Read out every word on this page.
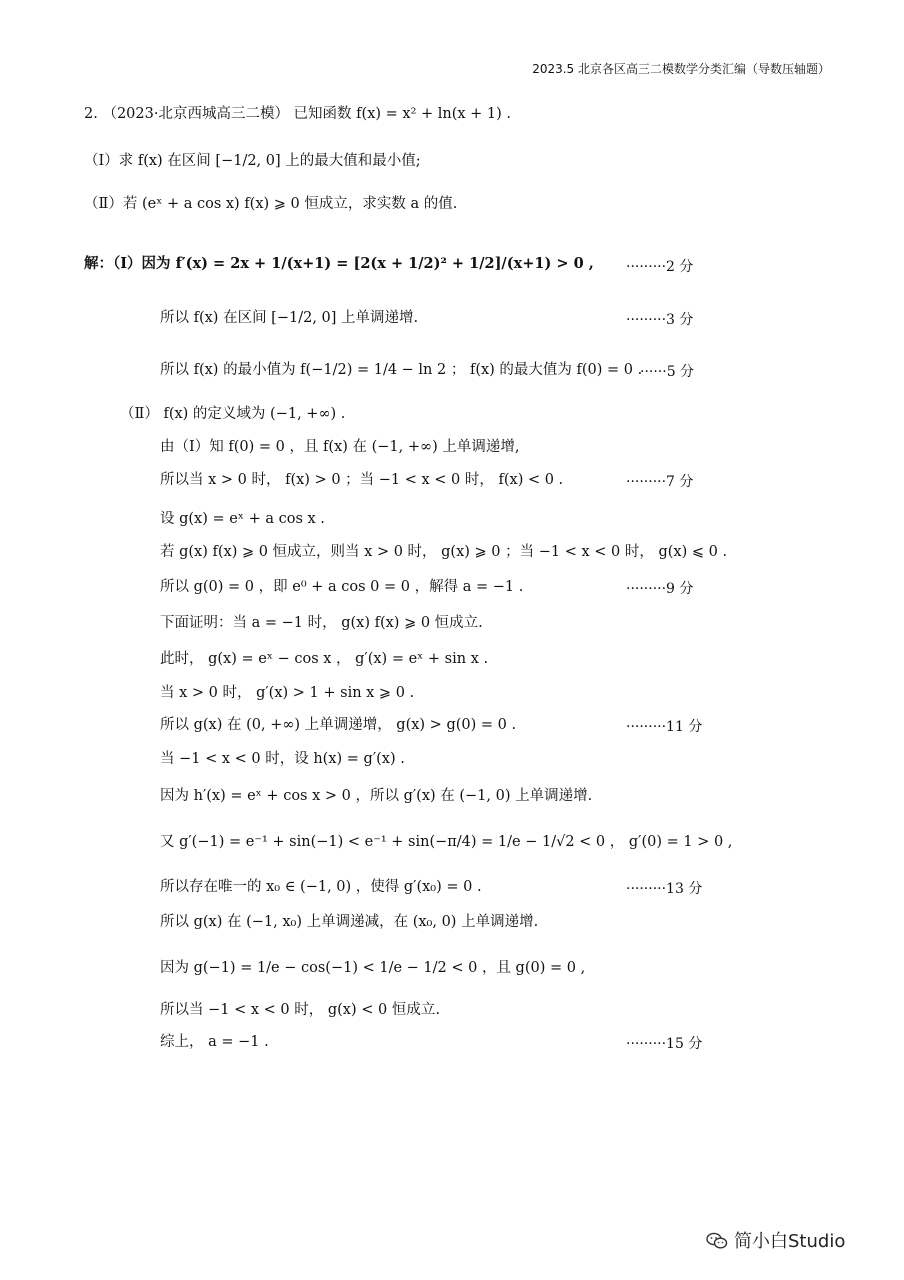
2023.5 北京各区高三二模数学分类汇编（导数压轴题）
2. （2023·北京西城高三二模） 已知函数 f(x) = x² + ln(x + 1) .
（Ⅰ）求 f(x) 在区间 [−1/2, 0] 上的最大值和最小值;
（Ⅱ）若 (eˣ + a cos x) f(x) ⩾ 0 恒成立，求实数 a 的值.
解：（Ⅰ）因为 f′(x) = 2x + 1/(x+1) = [2(x + 1/2)² + 1/2]/(x+1) > 0 , ·········2 分
所以 f(x) 在区间 [−1/2, 0] 上单调递增.	·········3 分
所以 f(x) 的最小值为 f(−1/2) = 1/4 − ln 2 ； f(x) 的最大值为 f(0) = 0 .
······5 分
（Ⅱ） f(x) 的定义域为 (−1, +∞) .
由（Ⅰ）知 f(0) = 0 ，且 f(x) 在 (−1, +∞) 上单调递增,
所以当 x > 0 时， f(x) > 0 ；当 −1 < x < 0 时， f(x) < 0 .	·········7 分
设 g(x) = eˣ + a cos x .
若 g(x) f(x) ⩾ 0 恒成立，则当 x > 0 时， g(x) ⩾ 0 ；当 −1 < x < 0 时， g(x) ⩽ 0 .
所以 g(0) = 0 ，即 e⁰ + a cos 0 = 0 ，解得 a = −1 .	·········9 分
下面证明：当 a = −1 时， g(x) f(x) ⩾ 0 恒成立.
此时， g(x) = eˣ − cos x ， g′(x) = eˣ + sin x .
当 x > 0 时， g′(x) > 1 + sin x ⩾ 0 .
所以 g(x) 在 (0, +∞) 上单调递增， g(x) > g(0) = 0 .	·········11 分
当 −1 < x < 0 时，设 h(x) = g′(x) .
因为 h′(x) = eˣ + cos x > 0 ，所以 g′(x) 在 (−1, 0) 上单调递增.
又 g′(−1) = e⁻¹ + sin(−1) < e⁻¹ + sin(−π/4) = 1/e − 1/√2 < 0 ， g′(0) = 1 > 0 ,
所以存在唯一的 x₀ ∈ (−1, 0) ，使得 g′(x₀) = 0 .	·········13 分
所以 g(x) 在 (−1, x₀) 上单调递减，在 (x₀, 0) 上单调递增.
因为 g(−1) = 1/e − cos(−1) < 1/e − 1/2 < 0 ，且 g(0) = 0 ,
所以当 −1 < x < 0 时， g(x) < 0 恒成立.
综上， a = −1 .	·········15 分
简小白Studio
